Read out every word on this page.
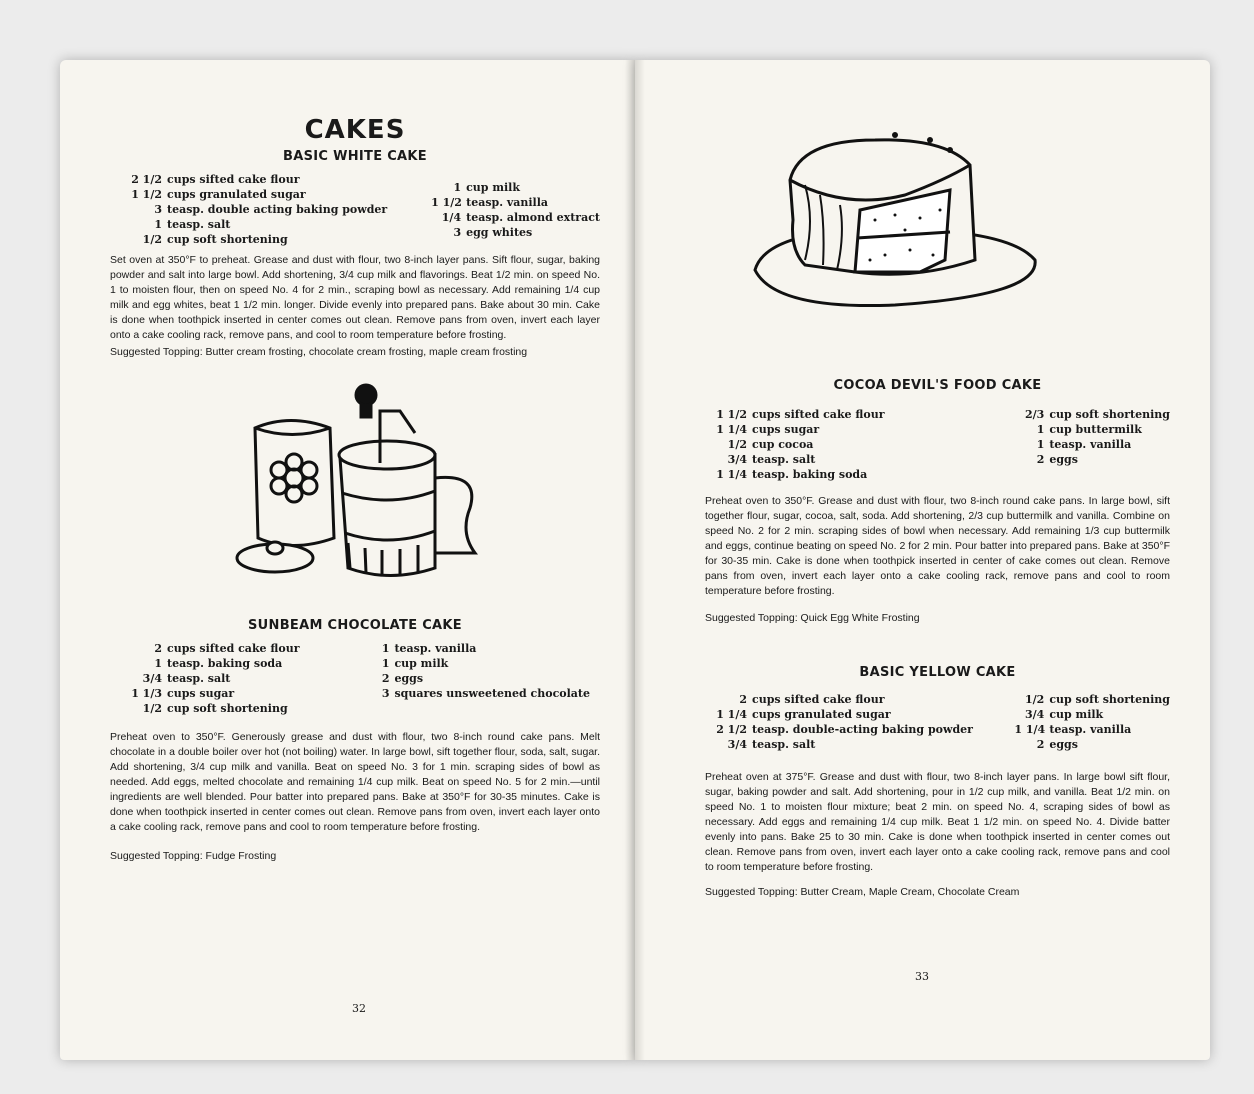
CAKES
BASIC WHITE CAKE
2 1/2 cups sifted cake flour
1 1/2 cups granulated sugar
3 teasp. double acting baking powder
1 teasp. salt
1/2 cup soft shortening
1 cup milk
1 1/2 teasp. vanilla
1/4 teasp. almond extract
3 egg whites

Set oven at 350°F to preheat. Grease and dust with flour, two 8-inch layer pans. Sift flour, sugar, baking powder and salt into large bowl. Add shortening, 3/4 cup milk and flavorings. Beat 1/2 min. on speed No. 1 to moisten flour, then on speed No. 4 for 2 min., scraping bowl as necessary. Add remaining 1/4 cup milk and egg whites, beat 1 1/2 min. longer. Divide evenly into prepared pans. Bake about 30 min. Cake is done when toothpick inserted in center comes out clean. Remove pans from oven, invert each layer onto a cake cooling rack, remove pans, and cool to room temperature before frosting.

Suggested Topping: Butter cream frosting, chocolate cream frosting, maple cream frosting

SUNBEAM CHOCOLATE CAKE
2 cups sifted cake flour
1 teasp. baking soda
3/4 teasp. salt
1 1/3 cups sugar
1/2 cup soft shortening
1 teasp. vanilla
1 cup milk
2 eggs
3 squares unsweetened chocolate

Preheat oven to 350°F. Generously grease and dust with flour, two 8-inch round cake pans. Melt chocolate in a double boiler over hot (not boiling) water. In large bowl, sift together flour, soda, salt, sugar. Add shortening, 3/4 cup milk and vanilla. Beat on speed No. 3 for 1 min. scraping sides of bowl as needed. Add eggs, melted chocolate and remaining 1/4 cup milk. Beat on speed No. 5 for 2 min.—until ingredients are well blended. Pour batter into prepared pans. Bake at 350°F for 30-35 minutes. Cake is done when toothpick inserted in center comes out clean. Remove pans from oven, invert each layer onto a cake cooling rack, remove pans and cool to room temperature before frosting.

Suggested Topping: Fudge Frosting

32
COCOA DEVIL'S FOOD CAKE
1 1/2 cups sifted cake flour
1 1/4 cups sugar
1/2 cup cocoa
3/4 teasp. salt
1 1/4 teasp. baking soda
2/3 cup soft shortening
1 cup buttermilk
1 teasp. vanilla
2 eggs

Preheat oven to 350°F. Grease and dust with flour, two 8-inch round cake pans. In large bowl, sift together flour, sugar, cocoa, salt, soda. Add shortening, 2/3 cup buttermilk and vanilla. Combine on speed No. 2 for 2 min. scraping sides of bowl when necessary. Add remaining 1/3 cup buttermilk and eggs, continue beating on speed No. 2 for 2 min. Pour batter into prepared pans. Bake at 350°F for 30-35 min. Cake is done when toothpick inserted in center of cake comes out clean. Remove pans from oven, invert each layer onto a cake cooling rack, remove pans and cool to room temperature before frosting.

Suggested Topping: Quick Egg White Frosting

BASIC YELLOW CAKE
2 cups sifted cake flour
1 1/4 cups granulated sugar
2 1/2 teasp. double-acting baking powder
3/4 teasp. salt
1/2 cup soft shortening
3/4 cup milk
1 1/4 teasp. vanilla
2 eggs

Preheat oven at 375°F. Grease and dust with flour, two 8-inch layer pans. In large bowl sift flour, sugar, baking powder and salt. Add shortening, pour in 1/2 cup milk, and vanilla. Beat 1/2 min. on speed No. 1 to moisten flour mixture; beat 2 min. on speed No. 4, scraping sides of bowl as necessary. Add eggs and remaining 1/4 cup milk. Beat 1 1/2 min. on speed No. 4. Divide batter evenly into pans. Bake 25 to 30 min. Cake is done when toothpick inserted in center comes out clean. Remove pans from oven, invert each layer onto a cake cooling rack, remove pans and cool to room temperature before frosting.

Suggested Topping: Butter Cream, Maple Cream, Chocolate Cream

33
